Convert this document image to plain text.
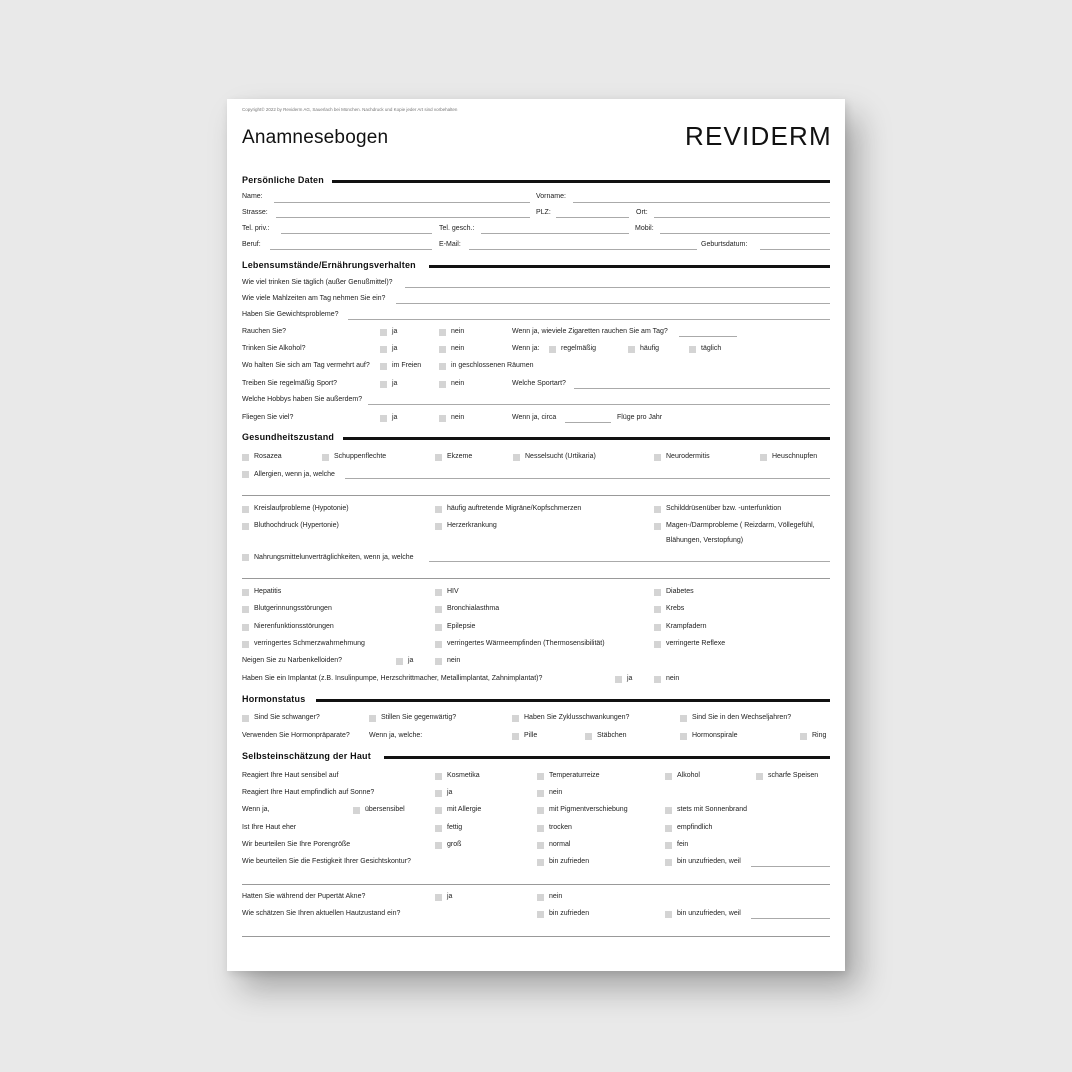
Copyright© 2022 by Reviderm AG, Sauerlach bei München. Nachdruck und Kopie jeder Art sind vorbehalten
Anamnesebogen	REVIDERM
Persönliche Daten
Name:	Vorname:
Strasse:	PLZ:	Ort:
Tel. priv.:	Tel. gesch.:	Mobil:
Beruf:	E-Mail:	Geburtsdatum:
Lebensumstände/Ernährungsverhalten
Wie viel trinken Sie täglich (außer Genußmittel)?
Wie viele Mahlzeiten am Tag nehmen Sie ein?
Haben Sie Gewichtsprobleme?
Rauchen Sie?	ja	nein	Wenn ja, wieviele Zigaretten rauchen Sie am Tag?
Trinken Sie Alkohol?	ja	nein	Wenn ja:	regelmäßig	häufig	täglich
Wo halten Sie sich am Tag vermehrt auf?	im Freien	in geschlossenen Räumen
Treiben Sie regelmäßig Sport?	ja	nein	Welche Sportart?
Welche Hobbys haben Sie außerdem?
Fliegen Sie viel?	ja	nein	Wenn ja, circa	Flüge pro Jahr
Gesundheitszustand
Rosazea	Schuppenflechte	Ekzeme	Nesselsucht (Urtikaria)	Neurodermitis	Heuschnupfen
Allergien, wenn ja, welche
Kreislaufprobleme (Hypotonie)	häufig auftretende Migräne/Kopfschmerzen	Schilddrüsenüber bzw. -unterfunktion
Bluthochdruck (Hypertonie)	Herzerkrankung	Magen-/Darmprobleme ( Reizdarm, Völlegefühl,
Blähungen, Verstopfung)
Nahrungsmittelunverträglichkeiten, wenn ja, welche
Hepatitis	HIV	Diabetes
Blutgerinnungsstörungen	Bronchialasthma	Krebs
Nierenfunktionsstörungen	Epilepsie	Krampfadern
verringertes Schmerzwahrnehmung	verringertes Wärmeempfinden (Thermosensibilität)	verringerte Reflexe
Neigen Sie zu Narbenkelloiden?	ja	nein
Haben Sie ein Implantat (z.B. Insulinpumpe, Herzschrittmacher, Metallimplantat, Zahnimplantat)?	ja	nein
Hormonstatus
Sind Sie schwanger?	Stillen Sie gegenwärtig?	Haben Sie Zyklusschwankungen?	Sind Sie in den Wechseljahren?
Verwenden Sie Hormonpräparate?	Wenn ja, welche:	Pille	Stäbchen	Hormonspirale	Ring
Selbsteinschätzung der Haut
Reagiert Ihre Haut sensibel auf	Kosmetika	Temperaturreize	Alkohol	scharfe Speisen
Reagiert Ihre Haut empfindlich auf Sonne?	ja	nein
Wenn ja,	übersensibel	mit Allergie	mit Pigmentverschiebung	stets mit Sonnenbrand
Ist Ihre Haut eher	fettig	trocken	empfindlich
Wir beurteilen Sie Ihre Porengröße	groß	normal	fein
Wie beurteilen Sie die Festigkeit Ihrer Gesichtskontur?	bin zufrieden	bin unzufrieden, weil
Hatten Sie während der Pupertät Akne?	ja	nein
Wie schätzen Sie Ihren aktuellen Hautzustand ein?	bin zufrieden	bin unzufrieden, weil
